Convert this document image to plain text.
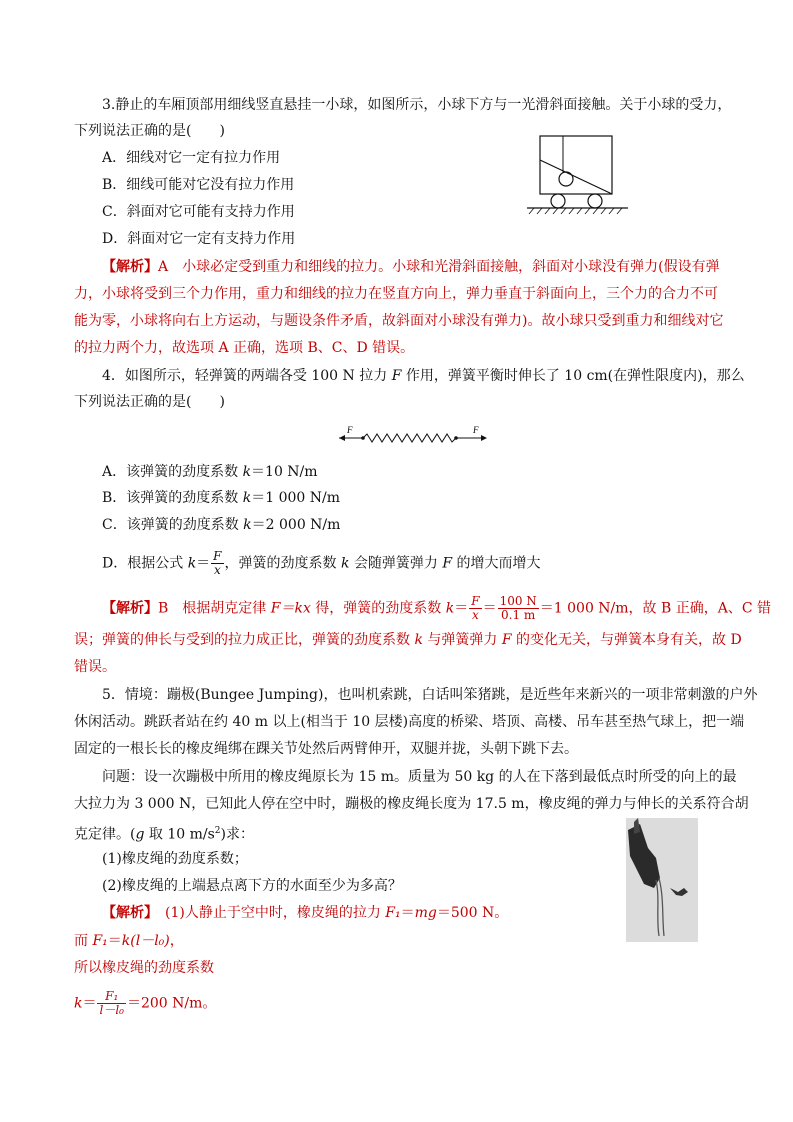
3.静止的车厢顶部用细线竖直悬挂一小球，如图所示，小球下方与一光滑斜面接触。关于小球的受力，
下列说法正确的是(　　)
A．细线对它一定有拉力作用
B．细线可能对它没有拉力作用
C．斜面对它可能有支持力作用
D．斜面对它一定有支持力作用
【解析】A　小球必定受到重力和细线的拉力。小球和光滑斜面接触，斜面对小球没有弹力(假设有弹
力，小球将受到三个力作用，重力和细线的拉力在竖直方向上，弹力垂直于斜面向上，三个力的合力不可
能为零，小球将向右上方运动，与题设条件矛盾，故斜面对小球没有弹力)。故小球只受到重力和细线对它
的拉力两个力，故选项 A 正确，选项 B、C、D 错误。
4．如图所示，轻弹簧的两端各受 100 N 拉力 F 作用，弹簧平衡时伸长了 10 cm(在弹性限度内)，那么
下列说法正确的是(　　)
F	F
A．该弹簧的劲度系数 k＝10 N/m
B．该弹簧的劲度系数 k＝1 000 N/m
C．该弹簧的劲度系数 k＝2 000 N/m
D．根据公式 $k= \frac{F}{x}$ ，弹簧的劲度系数 k 会随弹簧弹力 F 的增大而增大
【解析】B　根据胡克定律 F＝kx 得，弹簧的劲度系数 $k= \frac{F}{x} = \frac{100 N}{0.1 m} =1$ 000 N/m，故 B 正确，A、C 错
误；弹簧的伸长与受到的拉力成正比，弹簧的劲度系数 k 与弹簧弹力 F 的变化无关，与弹簧本身有关，故 D
错误。
5．情境：蹦极(Bungee Jumping)，也叫机索跳，白话叫笨猪跳，是近些年来新兴的一项非常刺激的户外
休闲活动。跳跃者站在约 40 m 以上(相当于 10 层楼)高度的桥梁、塔顶、高楼、吊车甚至热气球上，把一端
固定的一根长长的橡皮绳绑在踝关节处然后两臂伸开，双腿并拢，头朝下跳下去。
问题：设一次蹦极中所用的橡皮绳原长为 15 m。质量为 50 kg 的人在下落到最低点时所受的向上的最
大拉力为 3 000 N，已知此人停在空中时，蹦极的橡皮绳长度为 17.5 m，橡皮绳的弹力与伸长的关系符合胡
克定律。(g 取 10 $m/s^2$)求：
(1)橡皮绳的劲度系数；
(2)橡皮绳的上端悬点离下方的水面至少为多高？
【解析】　(1)人静止于空中时，橡皮绳的拉力 F₁＝mg＝500 N。
而 F₁＝k(l－l₀)，
所以橡皮绳的劲度系数
$k= \frac{\text{F₁}}{\text{l－l₀}} =200$ N/m。
